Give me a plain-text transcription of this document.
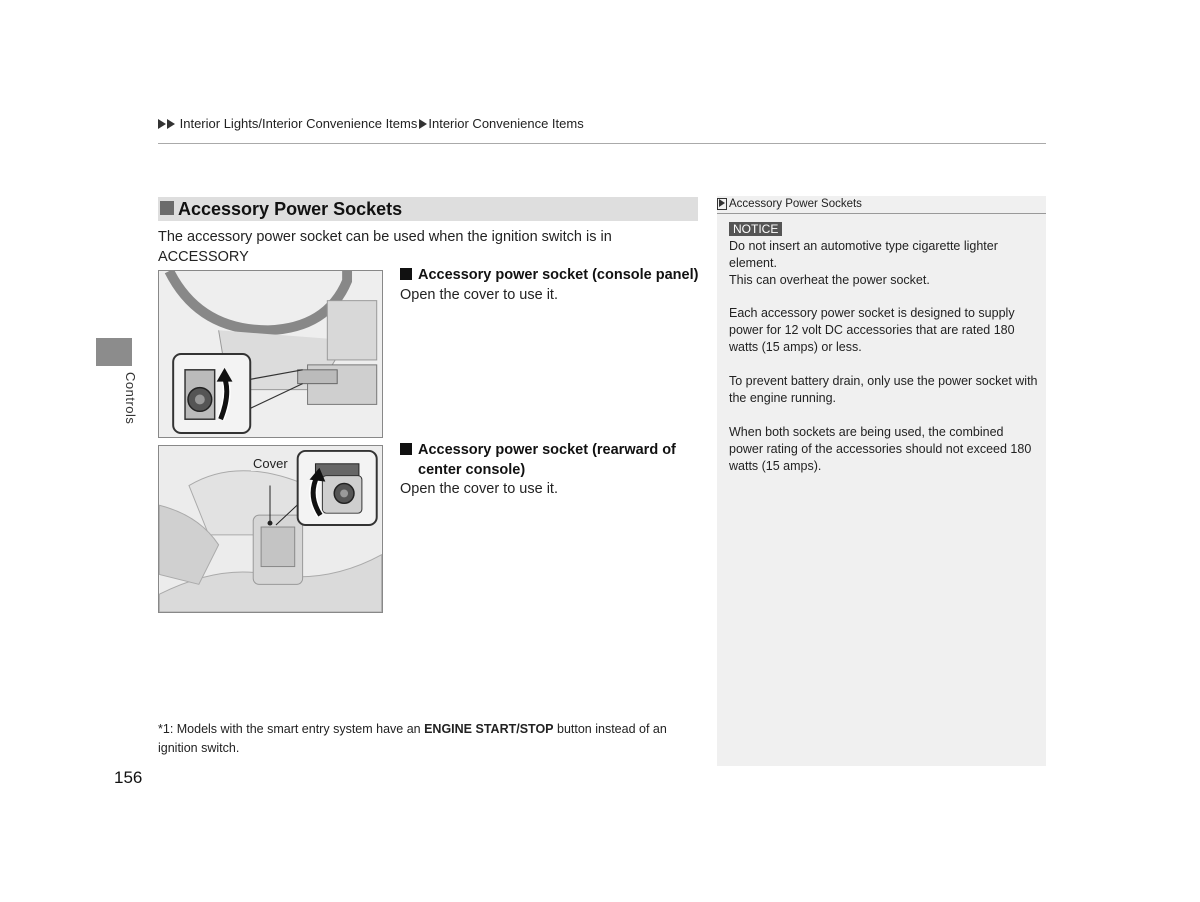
Interior Lights/Interior Convenience Items Interior Convenience Items
Controls
Accessory Power Sockets
The accessory power socket can be used when the ignition switch is in ACCESSORY

Accessory power socket (console panel)
Open the cover to use it.
Cover
Accessory power socket (rearward of
center console)
Open the cover to use it.
*1: Models with the smart entry system have an ENGINE START/STOP button instead of an ignition switch.
156
Accessory Power Sockets
NOTICE
Do not insert an automotive type cigarette lighter element.
This can overheat the power socket.
Each accessory power socket is designed to supply power for 12 volt DC accessories that are rated 180 watts (15 amps) or less.
To prevent battery drain, only use the power socket with the engine running.
When both sockets are being used, the combined power rating of the accessories should not exceed 180 watts (15 amps).
